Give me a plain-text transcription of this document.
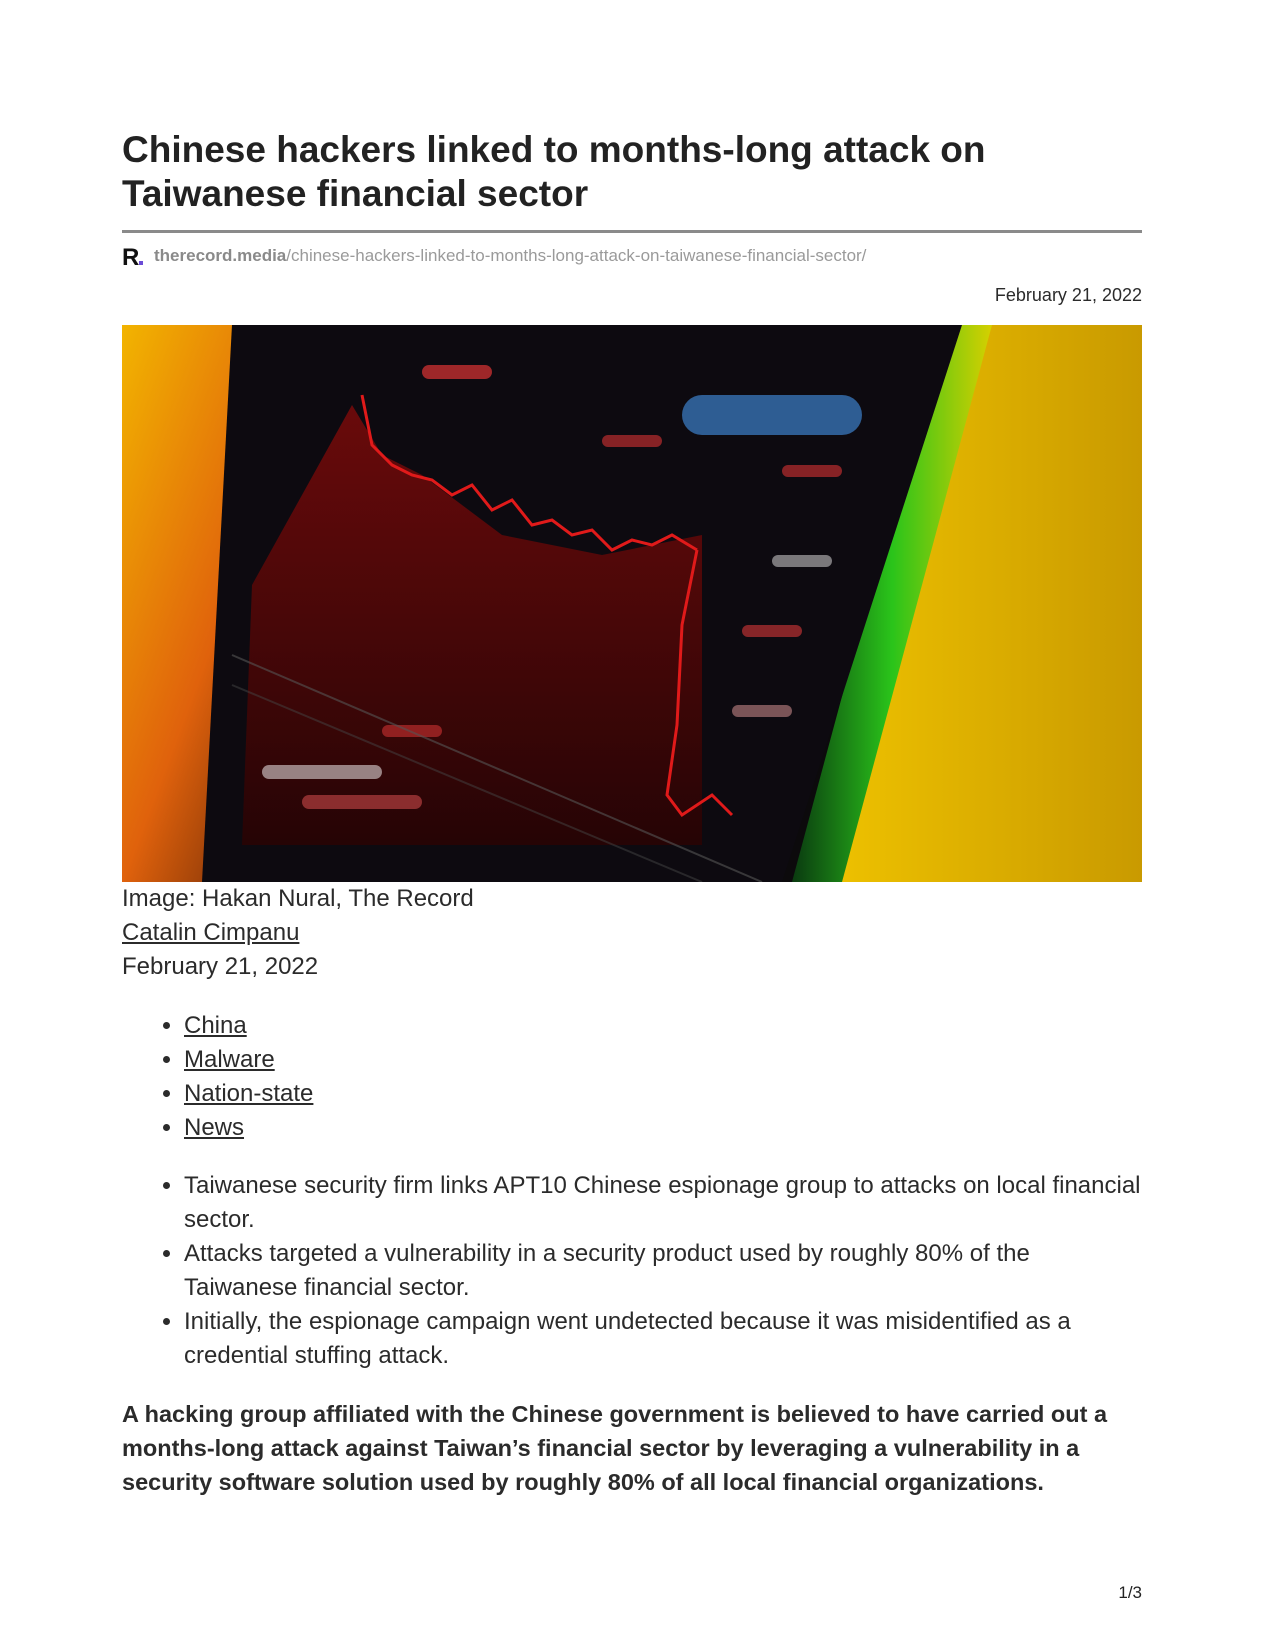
Chinese hackers linked to months-long attack on Taiwanese financial sector
R therecord.media /chinese-hackers-linked-to-months-long-attack-on-taiwanese-financial-sector/
February 21, 2022
Image: Hakan Nural, The Record
Catalin Cimpanu
February 21, 2022
• China
• Malware
• Nation-state
• News
• Taiwanese security firm links APT10 Chinese espionage group to attacks on local financial sector.
• Attacks targeted a vulnerability in a security product used by roughly 80% of the Taiwanese financial sector.
• Initially, the espionage campaign went undetected because it was misidentified as a credential stuffing attack.

A hacking group affiliated with the Chinese government is believed to have carried out a months-long attack against Taiwan’s financial sector by leveraging a vulnerability in a security software solution used by roughly 80% of all local financial organizations.

1/3
